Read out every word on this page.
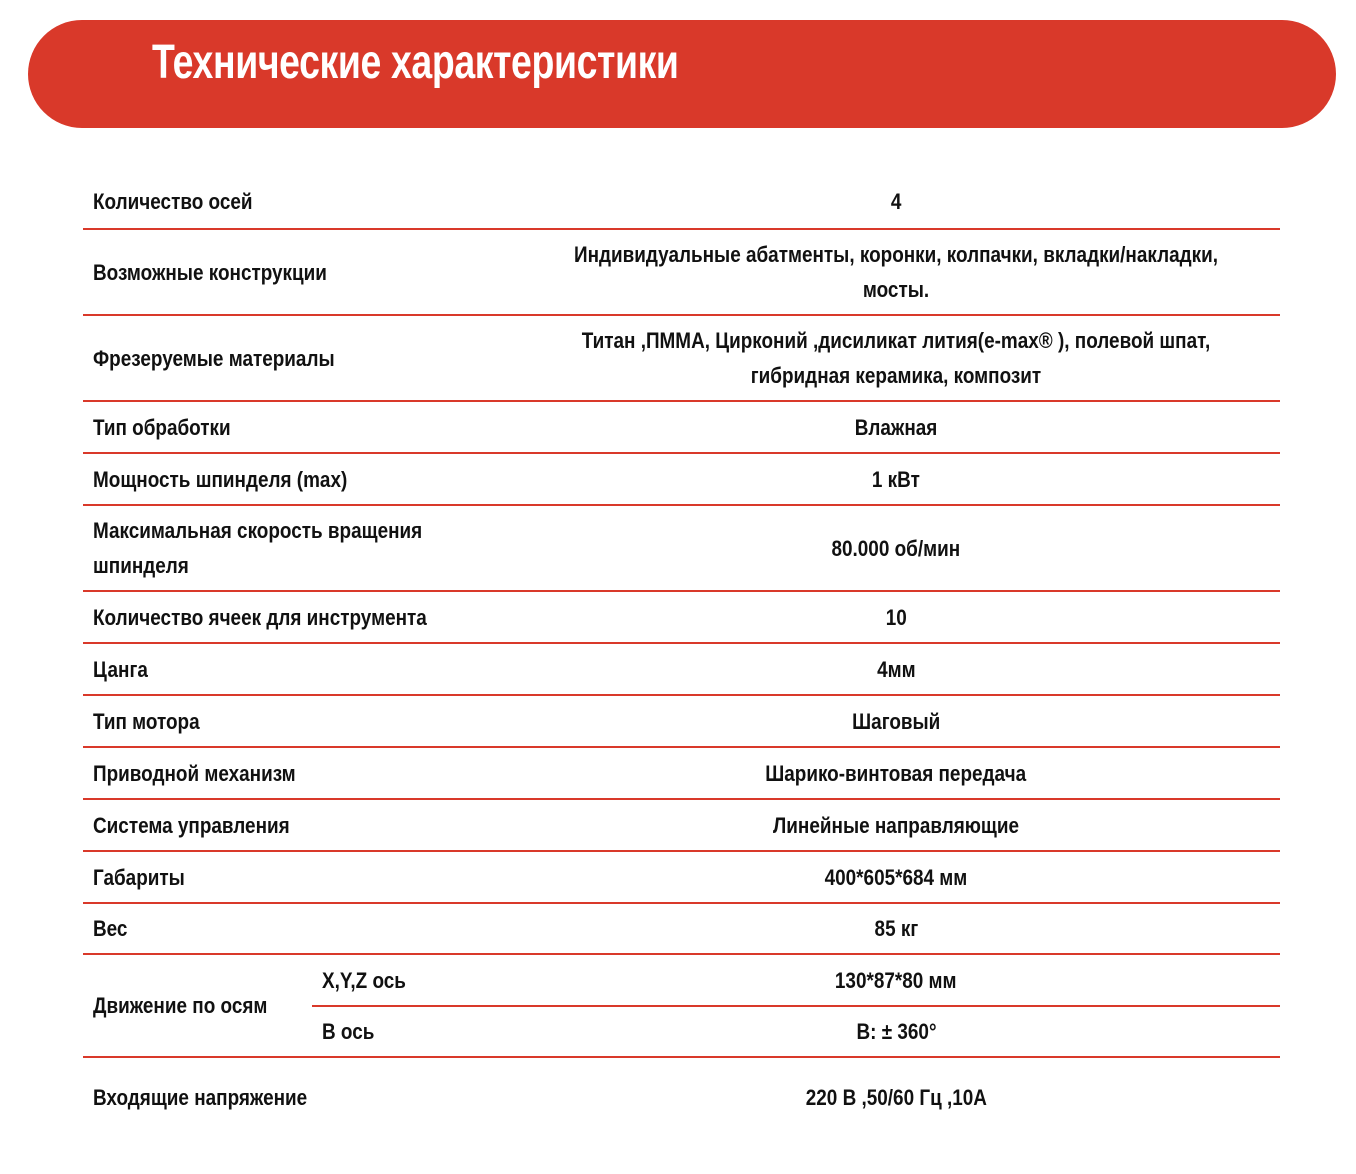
Технические характеристики
Количество осей		4
Возможные конструкции		Индивидуальные абатменты, коронки, колпачки, вкладки/накладки, мосты.

Фрезеруемые материалы		Титан ,ПММА, Цирконий ,дисиликат лития(e-max® ), полевой шпат, гибридная керамика, композит

Тип обработки		Влажная
Мощность шпинделя (max)		1 кВт

Максимальная скорость вращения шпинделя		80.000 об/мин
Количество ячеек для инструмента		10
Цанга		4мм
Тип мотора		Шаговый
Приводной механизм		Шарико-винтовая передача
Система управления		Линейные направляющие
Габариты		400*605*684 мм
Вес		85 кг
Движение по осям	X,Y,Z ось	130*87*80 мм
	B ось	B: ± 360°
Входящие напряжение		220 В ,50/60 Гц ,10А
